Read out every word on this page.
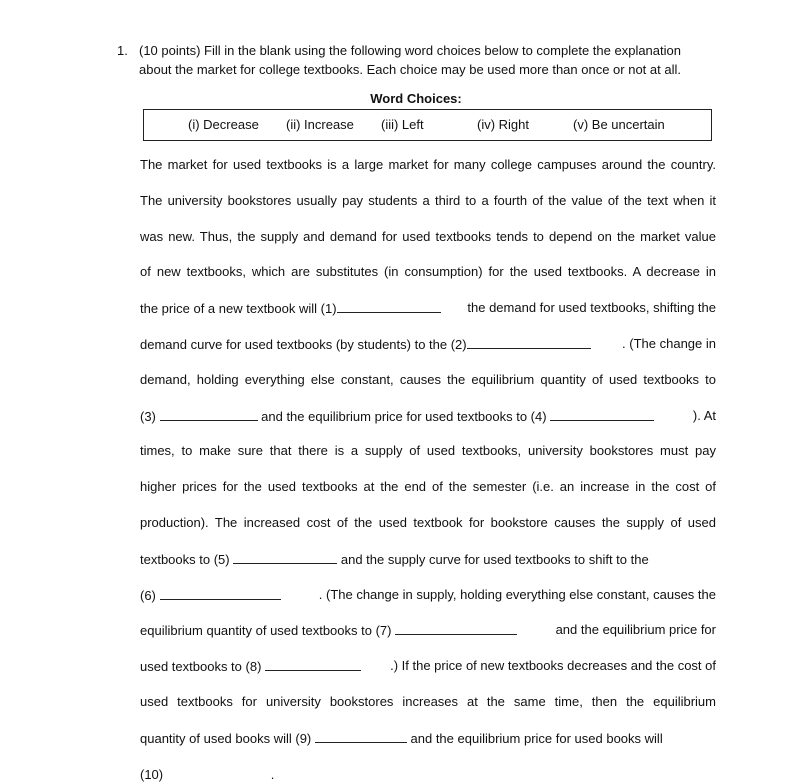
1. (10 points) Fill in the blank using the following word choices below to complete the explanation
about the market for college textbooks. Each choice may be used more than once or not at all.
Word Choices:
(i) Decrease (ii) Increase (iii) Left	(iv) Right	(v) Be uncertain
The market for used textbooks is a large market for many college campuses around the country.
The university bookstores usually pay students a third to a fourth of the value of the text when it
was new. Thus, the supply and demand for used textbooks tends to depend on the market value
of new textbooks, which are substitutes (in consumption) for the used textbooks. A decrease in
the price of a new textbook will (1)	the demand for used textbooks, shifting the
demand curve for used textbooks (by students) to the (2)	. (The change in
demand, holding everything else constant, causes the equilibrium quantity of used textbooks to
(3)	and the equilibrium price for used textbooks to (4)	). At
times, to make sure that there is a supply of used textbooks, university bookstores must pay
higher prices for the used textbooks at the end of the semester (i.e. an increase in the cost of
production). The increased cost of the used textbook for bookstore causes the supply of used
textbooks to (5)	and the supply curve for used textbooks to shift to the
(6)	. (The change in supply, holding everything else constant, causes the
equilibrium quantity of used textbooks to (7)	and the equilibrium price for
used textbooks to (8)	.) If the price of new textbooks decreases and the cost of
used textbooks for university bookstores increases at the same time, then the equilibrium
quantity of used books will (9)	and the equilibrium price for used books will
(10)	.
